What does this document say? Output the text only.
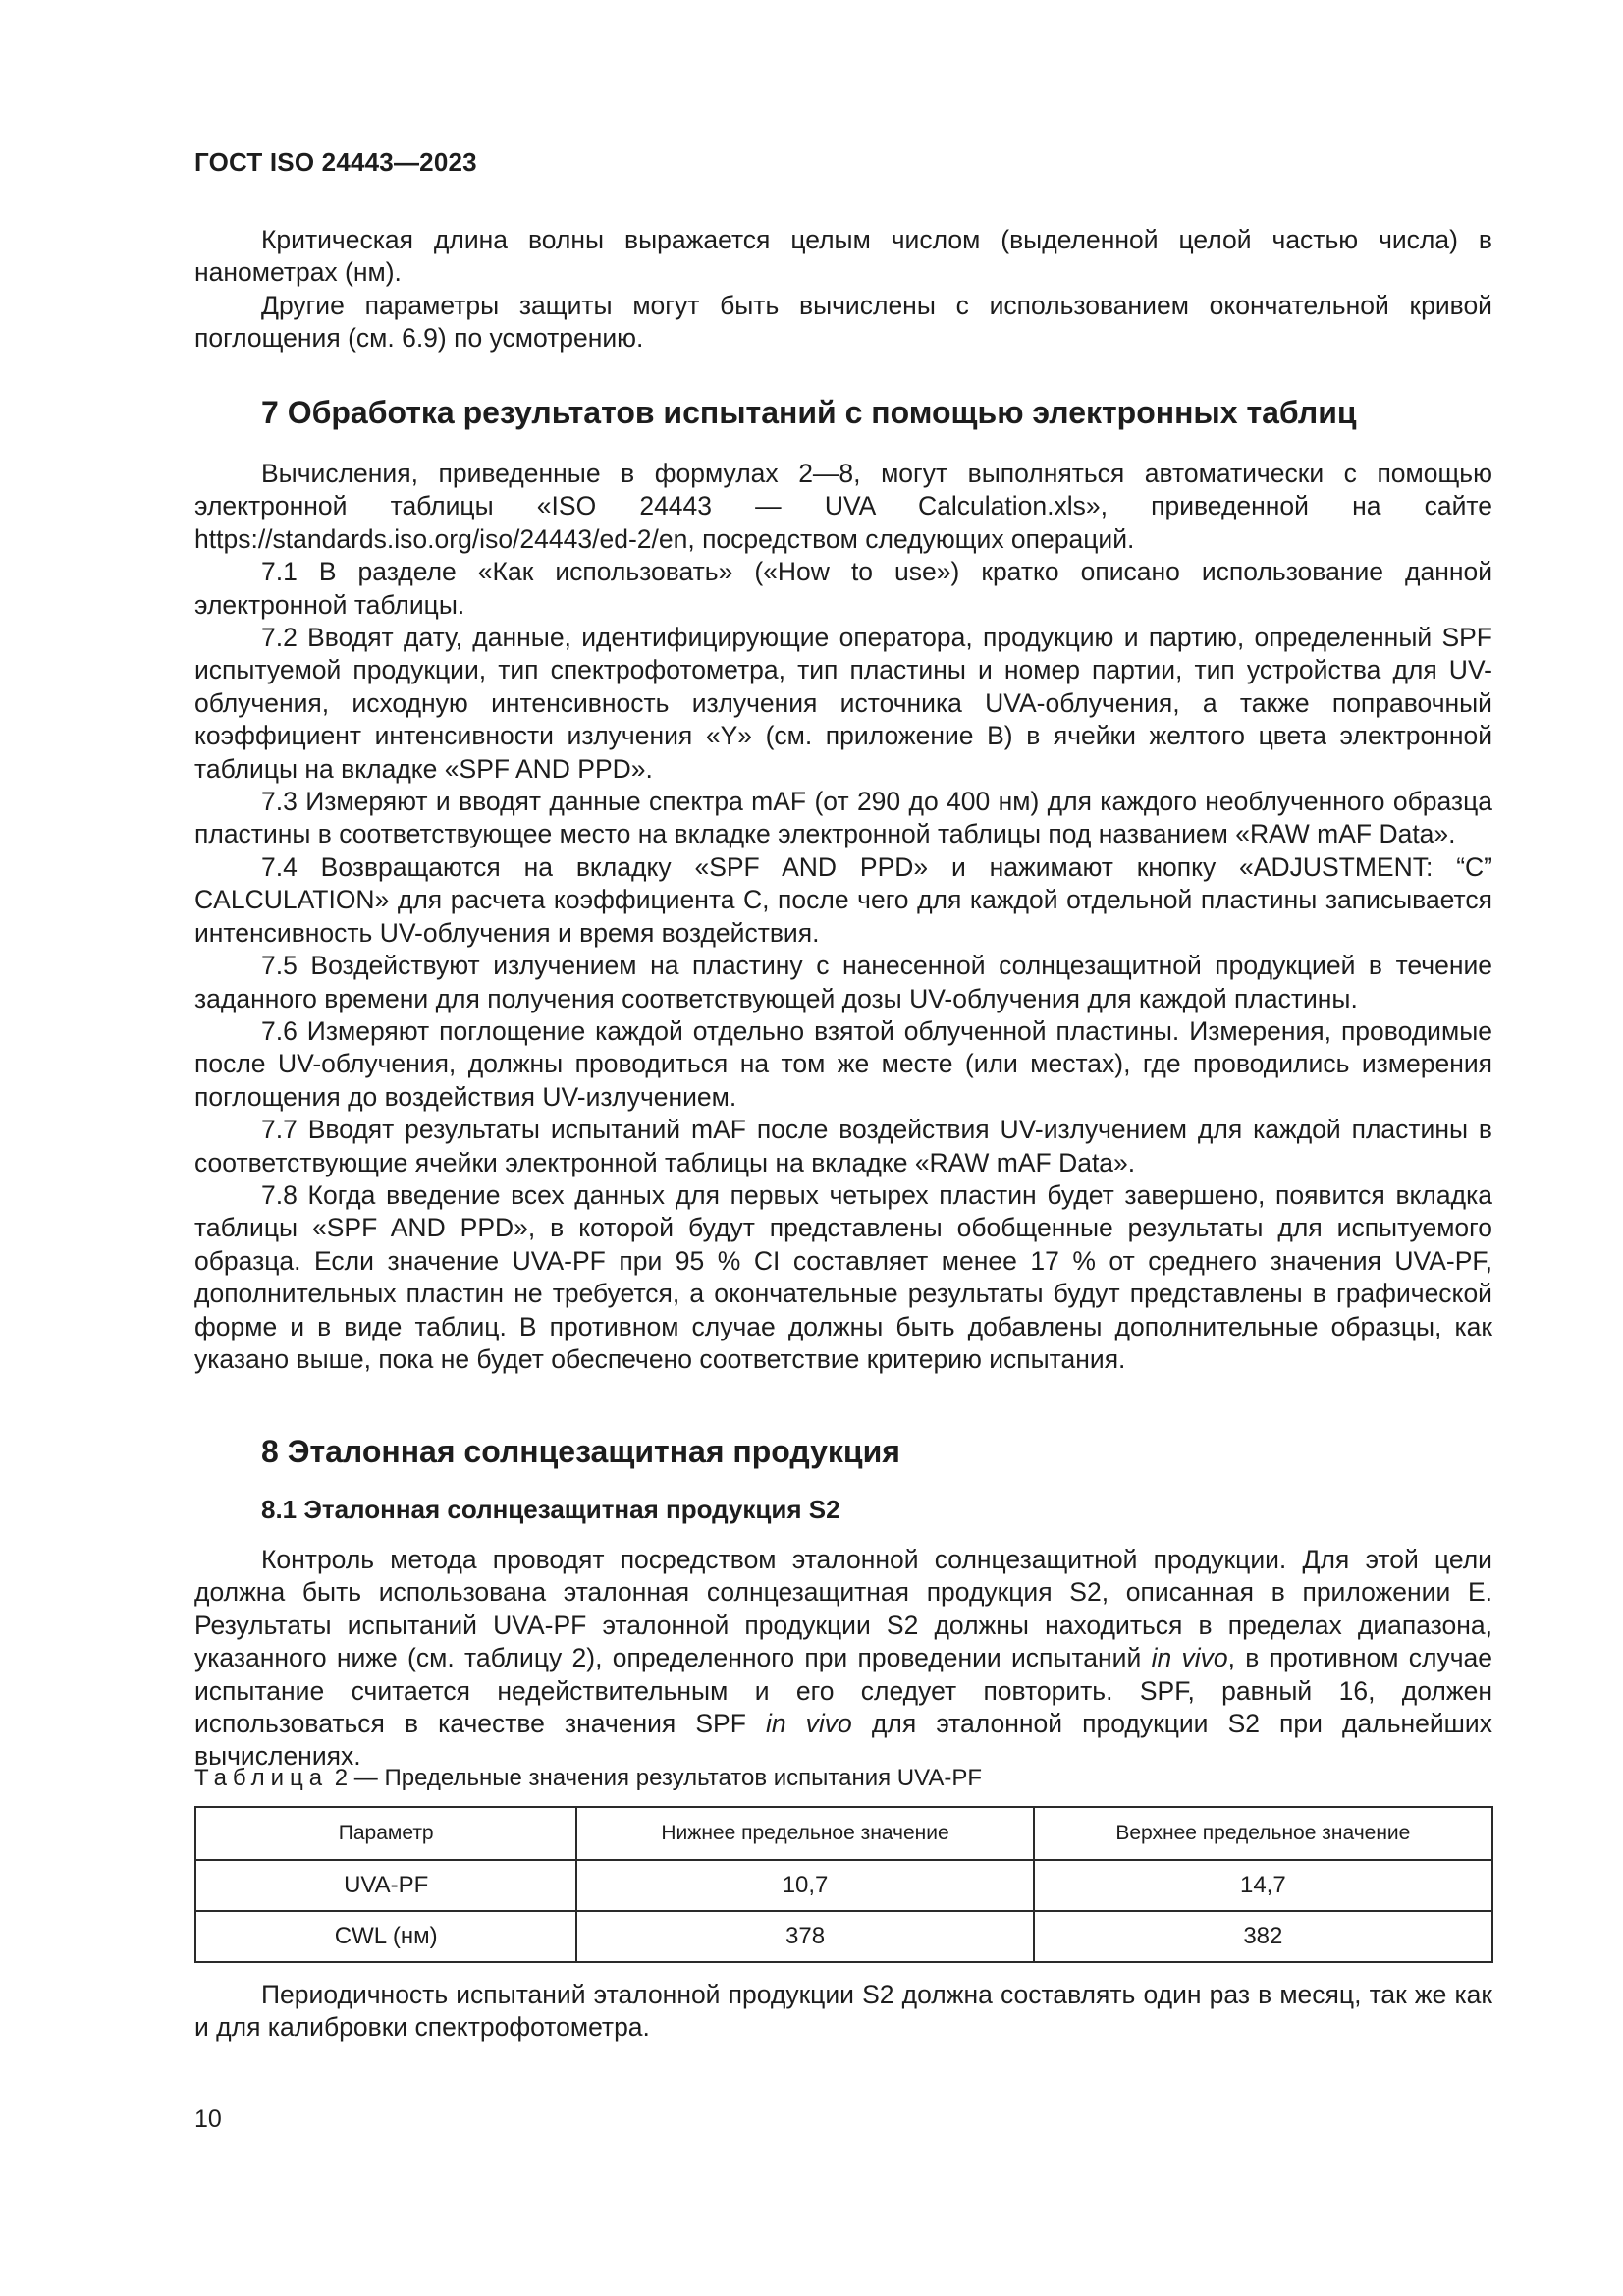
ГОСТ ISO 24443—2023

Критическая длина волны выражается целым числом (выделенной целой частью числа) в нанометрах (нм).

Другие параметры защиты могут быть вычислены с использованием окончательной кривой поглощения (см. 6.9) по усмотрению.

7 Обработка результатов испытаний с помощью электронных таблиц

Вычисления, приведенные в формулах 2—8, могут выполняться автоматически с помощью электронной таблицы «ISO 24443 — UVA Calculation.xls», приведенной на сайте https://standards.iso.org/iso/24443/ed-2/en, посредством следующих операций.

7.1 В разделе «Как использовать» («How to use») кратко описано использование данной электронной таблицы.

7.2 Вводят дату, данные, идентифицирующие оператора, продукцию и партию, определенный SPF испытуемой продукции, тип спектрофотометра, тип пластины и номер партии, тип устройства для UV-облучения, исходную интенсивность излучения источника UVA-облучения, а также поправочный коэффициент интенсивности излучения «Y» (см. приложение В) в ячейки желтого цвета электронной таблицы на вкладке «SPF AND PPD».

7.3 Измеряют и вводят данные спектра mAF (от 290 до 400 нм) для каждого необлученного образца пластины в соответствующее место на вкладке электронной таблицы под названием «RAW mAF Data».

7.4 Возвращаются на вкладку «SPF AND PPD» и нажимают кнопку «ADJUSTMENT: “C” CALCULATION» для расчета коэффициента С, после чего для каждой отдельной пластины записывается интенсивность UV-облучения и время воздействия.

7.5 Воздействуют излучением на пластину с нанесенной солнцезащитной продукцией в течение заданного времени для получения соответствующей дозы UV-облучения для каждой пластины.

7.6 Измеряют поглощение каждой отдельно взятой облученной пластины. Измерения, проводимые после UV-облучения, должны проводиться на том же месте (или местах), где проводились измерения поглощения до воздействия UV-излучением.

7.7 Вводят результаты испытаний mAF после воздействия UV-излучением для каждой пластины в соответствующие ячейки электронной таблицы на вкладке «RAW mAF Data».

7.8 Когда введение всех данных для первых четырех пластин будет завершено, появится вкладка таблицы «SPF AND PPD», в которой будут представлены обобщенные результаты для испытуемого образца. Если значение UVA-PF при 95 % CI составляет менее 17 % от среднего значения UVA-PF, дополнительных пластин не требуется, а окончательные результаты будут представлены в графической форме и в виде таблиц. В противном случае должны быть добавлены дополнительные образцы, как указано выше, пока не будет обеспечено соответствие критерию испытания.

8 Эталонная солнцезащитная продукция
8.1 Эталонная солнцезащитная продукция S2

Контроль метода проводят посредством эталонной солнцезащитной продукции. Для этой цели должна быть использована эталонная солнцезащитная продукция S2, описанная в приложении Е. Результаты испытаний UVA-PF эталонной продукции S2 должны находиться в пределах диапазона, указанного ниже (см. таблицу 2), определенного при проведении испытаний in vivo, в противном случае испытание считается недействительным и его следует повторить. SPF, равный 16, должен использоваться в качестве значения SPF in vivo для эталонной продукции S2 при дальнейших вычислениях.

Таблица 2 — Предельные значения результатов испытания UVA-PF
Параметр	Нижнее предельное значение	Верхнее предельное значение
UVA-PF	10,7	14,7
CWL (нм)	378	382

Периодичность испытаний эталонной продукции S2 должна составлять один раз в месяц, так же как и для калибровки спектрофотометра.

10
